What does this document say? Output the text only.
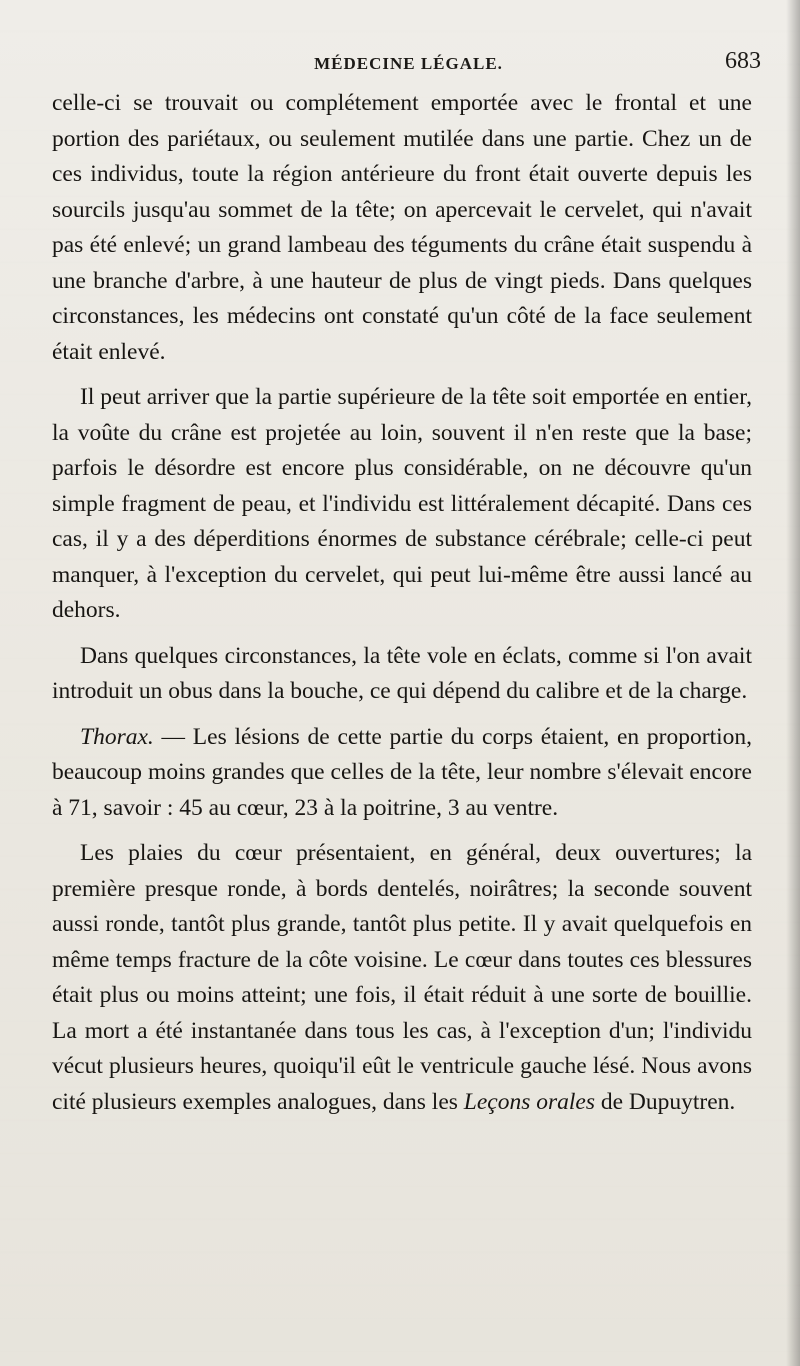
MÉDECINE LÉGALE.	683

celle-ci se trouvait ou complétement emportée avec le frontal et une portion des pariétaux, ou seulement mutilée dans une partie. Chez un de ces individus, toute la région antérieure du front était ouverte depuis les sourcils jusqu'au sommet de la tête; on apercevait le cervelet, qui n'avait pas été enlevé; un grand lambeau des téguments du crâne était suspendu à une branche d'arbre, à une hauteur de plus de vingt pieds. Dans quelques circonstances, les médecins ont constaté qu'un côté de la face seulement était enlevé.

Il peut arriver que la partie supérieure de la tête soit emportée en entier, la voûte du crâne est projetée au loin, souvent il n'en reste que la base; parfois le désordre est encore plus considérable, on ne découvre qu'un simple fragment de peau, et l'individu est littéralement décapité. Dans ces cas, il y a des déperditions énormes de substance cérébrale; celle-ci peut manquer, à l'exception du cervelet, qui peut lui-même être aussi lancé au dehors.

Dans quelques circonstances, la tête vole en éclats, comme si l'on avait introduit un obus dans la bouche, ce qui dépend du calibre et de la charge.

Thorax. — Les lésions de cette partie du corps étaient, en proportion, beaucoup moins grandes que celles de la tête, leur nombre s'élevait encore à 71, savoir : 45 au cœur, 23 à la poitrine, 3 au ventre.

Les plaies du cœur présentaient, en général, deux ouvertures; la première presque ronde, à bords dentelés, noirâtres; la seconde souvent aussi ronde, tantôt plus grande, tantôt plus petite. Il y avait quelquefois en même temps fracture de la côte voisine. Le cœur dans toutes ces blessures était plus ou moins atteint; une fois, il était réduit à une sorte de bouillie. La mort a été instantanée dans tous les cas, à l'exception d'un; l'individu vécut plusieurs heures, quoiqu'il eût le ventricule gauche lésé. Nous avons cité plusieurs exemples analogues, dans les Leçons orales de Dupuytren.
